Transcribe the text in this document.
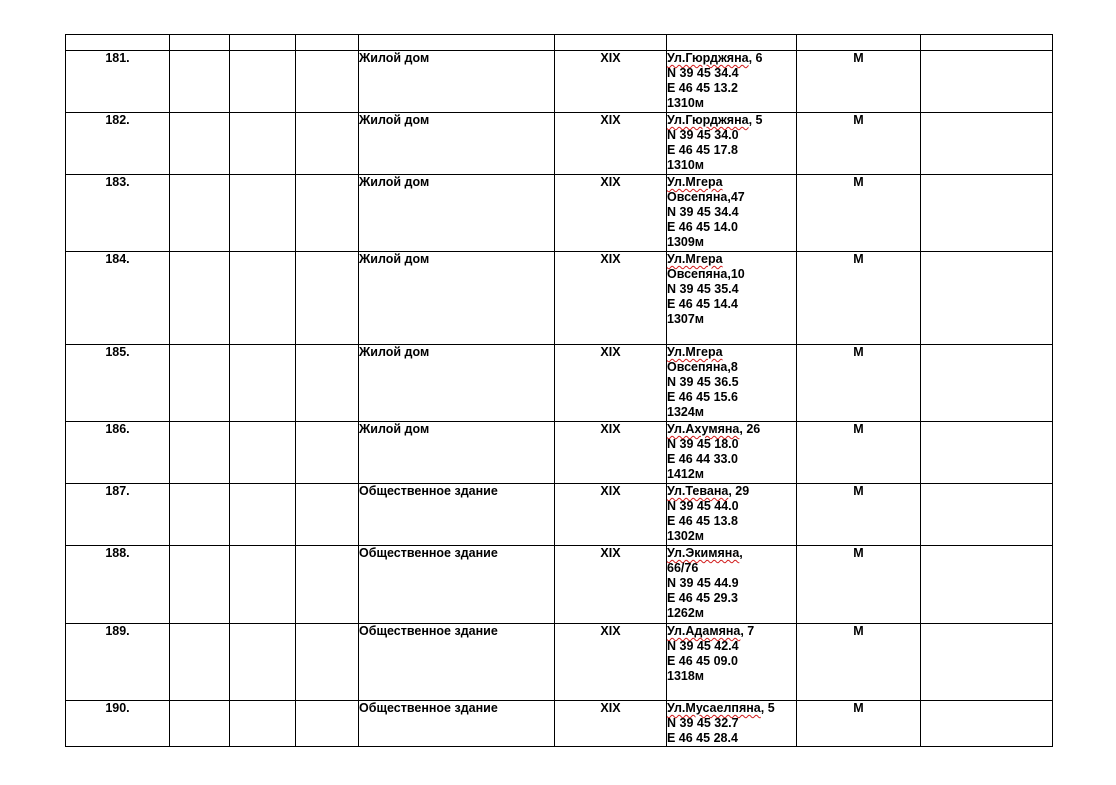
181.				Жилой дом	XIX	Ул.Гюрджяна, 6
N 39 45 34.4
E 46 45 13.2
1310м	М	
182.				Жилой дом	XIX	Ул.Гюрджяна, 5
N 39 45 34.0
E 46 45 17.8
1310м	М	
183.				Жилой дом	XIX	Ул.Мгера
Овсепяна,47
N 39 45 34.4
E 46 45 14.0
1309м	М	
184.				Жилой дом	XIX	Ул.Мгера
Овсепяна,10
N 39 45 35.4
E 46 45 14.4
1307м	М	
185.				Жилой дом	XIX	Ул.Мгера
Овсепяна,8
N 39 45 36.5
E 46 45 15.6
1324м	М	
186.				Жилой дом	XIX	Ул.Ахумяна, 26
N 39 45 18.0
E 46 44 33.0
1412м	М	
187.				Общественное здание	XIX	Ул.Тевана, 29
N 39 45 44.0
E 46 45 13.8
1302м	М	
188.				Общественное здание	XIX	Ул.Экимяна,
66/76
N 39 45 44.9
E 46 45 29.3
1262м	М	
189.				Общественное здание	XIX	Ул.Адамяна, 7
N 39 45 42.4
E 46 45 09.0
1318м	М	
190.				Общественное здание	XIX	Ул.Мусаелпяна, 5
N 39 45 32.7
E 46 45 28.4	М	
